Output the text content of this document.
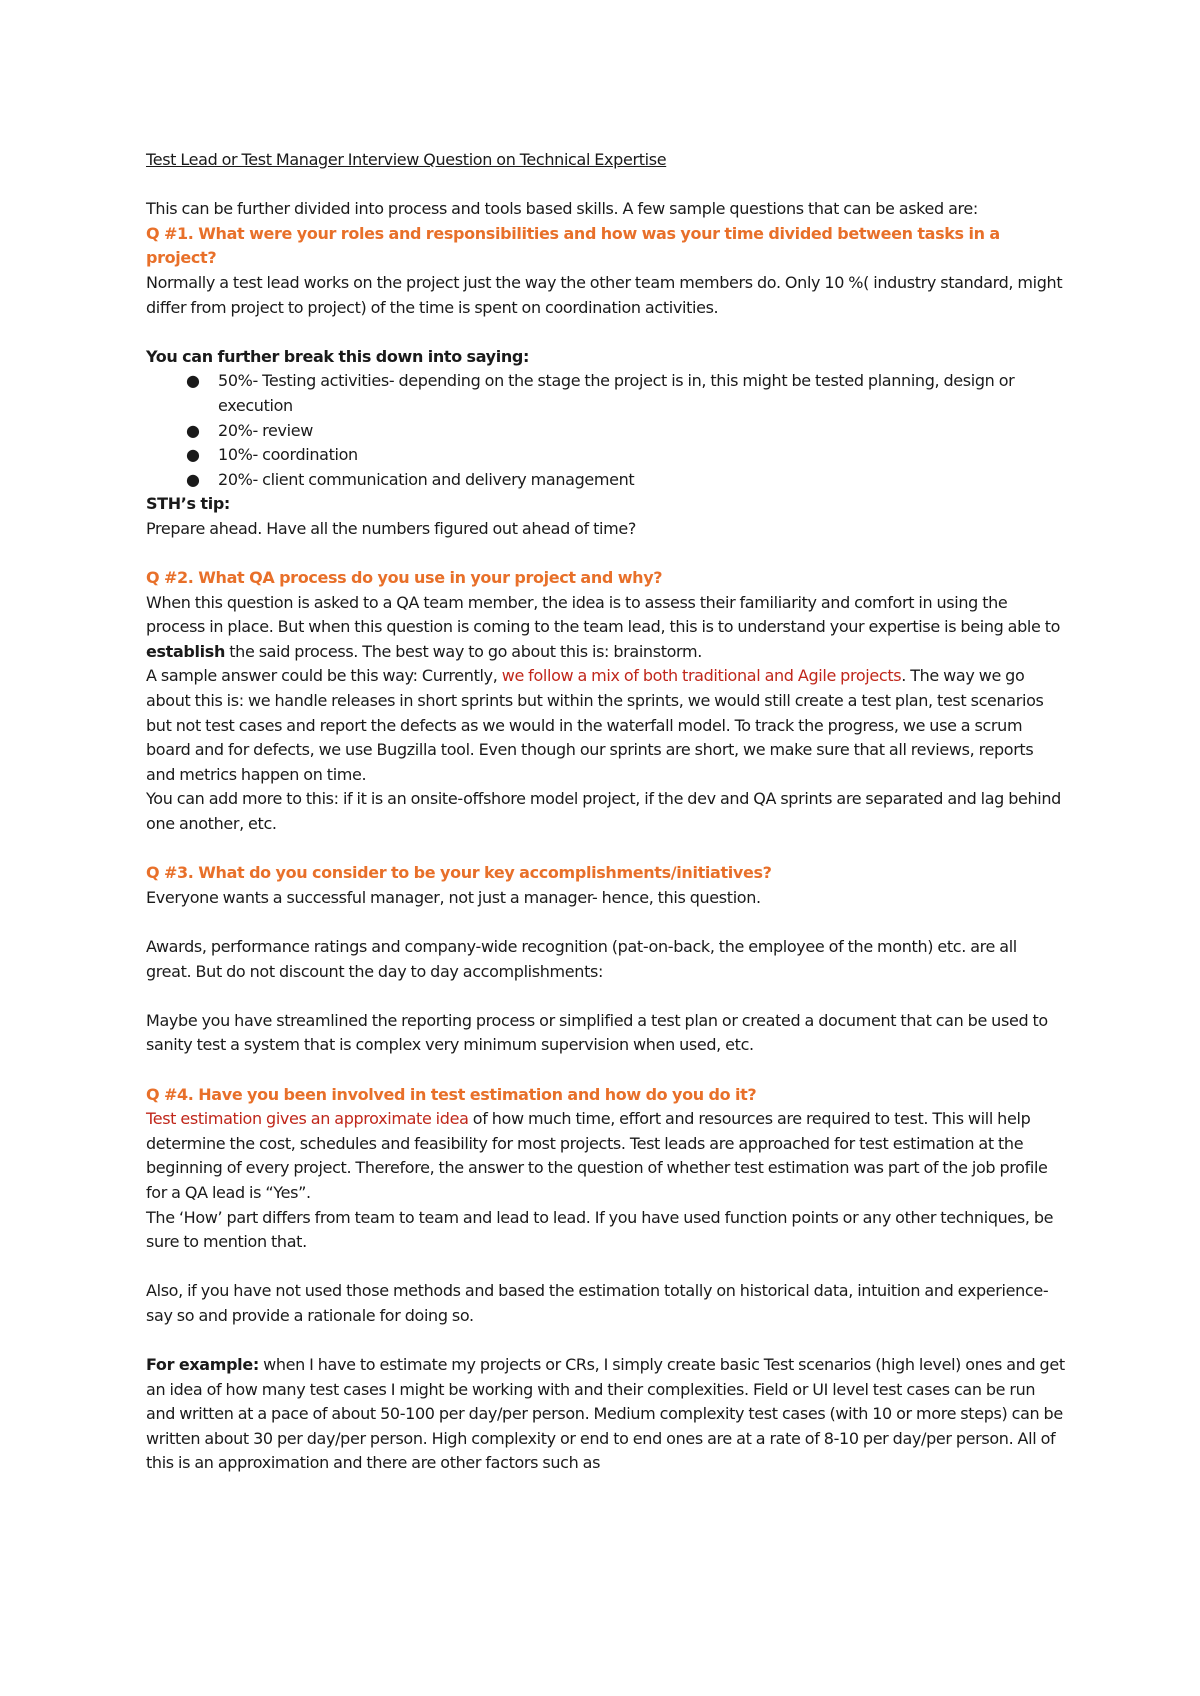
Test Lead or Test Manager Interview Question on Technical Expertise

This can be further divided into process and tools based skills. A few sample questions that can be asked are:

Q #1. What were your roles and responsibilities and how was your time divided between tasks in a project?

Normally a test lead works on the project just the way the other team members do. Only 10 %( industry standard, might differ from project to project) of the time is spent on coordination activities.

You can further break this down into saying:

● 50%- Testing activities- depending on the stage the project is in, this might be tested planning, design or execution
● 20%- review
● 10%- coordination
● 20%- client communication and delivery management

STH’s tip:

Prepare ahead. Have all the numbers figured out ahead of time?

Q #2. What QA process do you use in your project and why?

When this question is asked to a QA team member, the idea is to assess their familiarity and comfort in using the process in place. But when this question is coming to the team lead, this is to understand your expertise is being able to establish the said process. The best way to go about this is: brainstorm.

A sample answer could be this way: Currently, we follow a mix of both traditional and Agile projects. The way we go about this is: we handle releases in short sprints but within the sprints, we would still create a test plan, test scenarios but not test cases and report the defects as we would in the waterfall model. To track the progress, we use a scrum board and for defects, we use Bugzilla tool. Even though our sprints are short, we make sure that all reviews, reports and metrics happen on time.

You can add more to this: if it is an onsite-offshore model project, if the dev and QA sprints are separated and lag behind one another, etc.

Q #3. What do you consider to be your key accomplishments/initiatives?

Everyone wants a successful manager, not just a manager- hence, this question.

Awards, performance ratings and company-wide recognition (pat-on-back, the employee of the month) etc. are all great. But do not discount the day to day accomplishments:

Maybe you have streamlined the reporting process or simplified a test plan or created a document that can be used to sanity test a system that is complex very minimum supervision when used, etc.

Q #4. Have you been involved in test estimation and how do you do it?

Test estimation gives an approximate idea of how much time, effort and resources are required to test. This will help determine the cost, schedules and feasibility for most projects. Test leads are approached for test estimation at the beginning of every project. Therefore, the answer to the question of whether test estimation was part of the job profile for a QA lead is “Yes”.

The ‘How’ part differs from team to team and lead to lead. If you have used function points or any other techniques, be sure to mention that.

Also, if you have not used those methods and based the estimation totally on historical data, intuition and experience- say so and provide a rationale for doing so.

For example: when I have to estimate my projects or CRs, I simply create basic Test scenarios (high level) ones and get an idea of how many test cases I might be working with and their complexities. Field or UI level test cases can be run and written at a pace of about 50-100 per day/per person. Medium complexity test cases (with 10 or more steps) can be written about 30 per day/per person. High complexity or end to end ones are at a rate of 8-10 per day/per person. All of this is an approximation and there are other factors such as
